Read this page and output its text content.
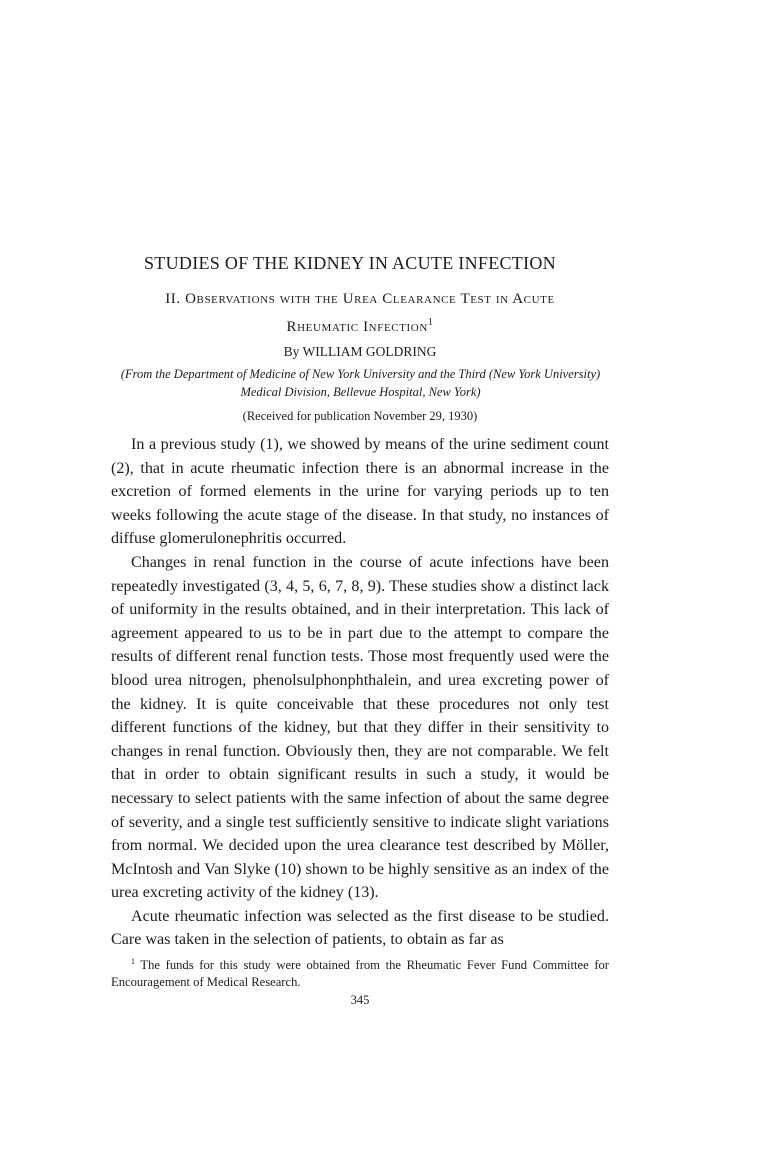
STUDIES OF THE KIDNEY IN ACUTE INFECTION
II. Observations with the Urea Clearance Test in Acute
Rheumatic Infection$^1$
By WILLIAM GOLDRING
(From the Department of Medicine of New York University and the Third (New York University) Medical Division, Bellevue Hospital, New York)
(Received for publication November 29, 1930)

In a previous study (1), we showed by means of the urine sediment count (2), that in acute rheumatic infection there is an abnormal increase in the excretion of formed elements in the urine for varying periods up to ten weeks following the acute stage of the disease. In that study, no instances of diffuse glomerulonephritis occurred.

Changes in renal function in the course of acute infections have been repeatedly investigated (3, 4, 5, 6, 7, 8, 9). These studies show a distinct lack of uniformity in the results obtained, and in their interpretation. This lack of agreement appeared to us to be in part due to the attempt to compare the results of different renal function tests. Those most frequently used were the blood urea nitrogen, phenolsulphonphthalein, and urea excreting power of the kidney. It is quite conceivable that these procedures not only test different functions of the kidney, but that they differ in their sensitivity to changes in renal function. Obviously then, they are not comparable. We felt that in order to obtain significant results in such a study, it would be necessary to select patients with the same infection of about the same degree of severity, and a single test sufficiently sensitive to indicate slight variations from normal. We decided upon the urea clearance test described by Möller, McIntosh and Van Slyke (10) shown to be highly sensitive as an index of the urea excreting activity of the kidney (13).

Acute rheumatic infection was selected as the first disease to be studied. Care was taken in the selection of patients, to obtain as far as

$^1$ The funds for this study were obtained from the Rheumatic Fever Fund Committee for Encouragement of Medical Research.

345
